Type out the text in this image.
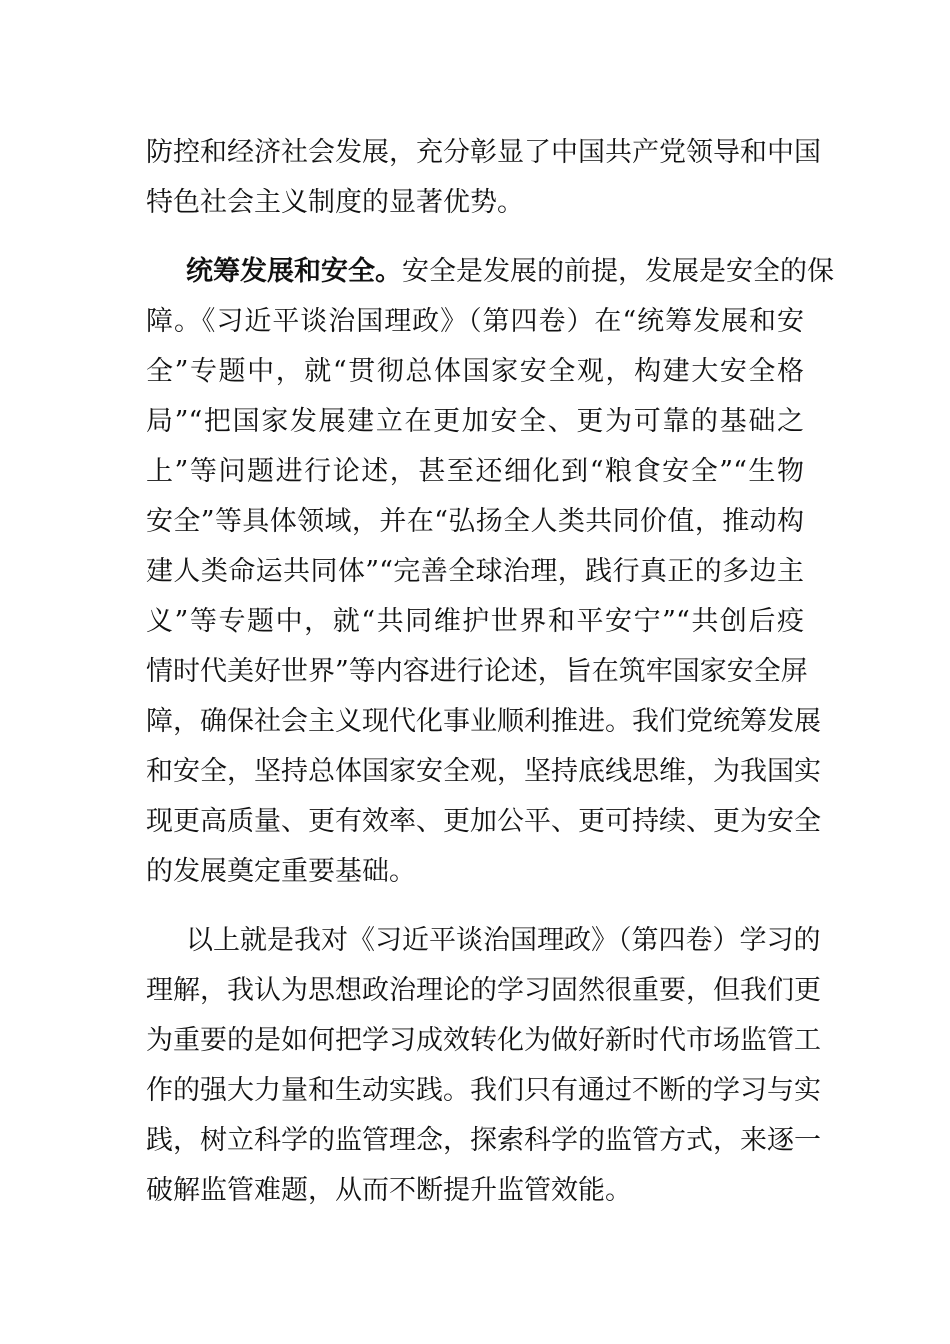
防控和经济社会发展，充分彰显了中国共产党领导和中国
特色社会主义制度的显著优势。
统筹发展和安全。安全是发展的前提，发展是安全的保
障。《习近平谈治国理政》（第四卷）在“统筹发展和安
全”专题中，就“贯彻总体国家安全观，构建大安全格
局”“把国家发展建立在更加安全、更为可靠的基础之
上”等问题进行论述，甚至还细化到“粮食安全”“生物
安全”等具体领域，并在“弘扬全人类共同价值，推动构
建人类命运共同体”“完善全球治理，践行真正的多边主
义”等专题中，就“共同维护世界和平安宁”“共创后疫
情时代美好世界”等内容进行论述，旨在筑牢国家安全屏
障，确保社会主义现代化事业顺利推进。我们党统筹发展
和安全，坚持总体国家安全观，坚持底线思维，为我国实
现更高质量、更有效率、更加公平、更可持续、更为安全
的发展奠定重要基础。
以上就是我对《习近平谈治国理政》（第四卷）学习的
理解，我认为思想政治理论的学习固然很重要，但我们更
为重要的是如何把学习成效转化为做好新时代市场监管工
作的强大力量和生动实践。我们只有通过不断的学习与实
践，树立科学的监管理念，探索科学的监管方式，来逐一
破解监管难题，从而不断提升监管效能。
